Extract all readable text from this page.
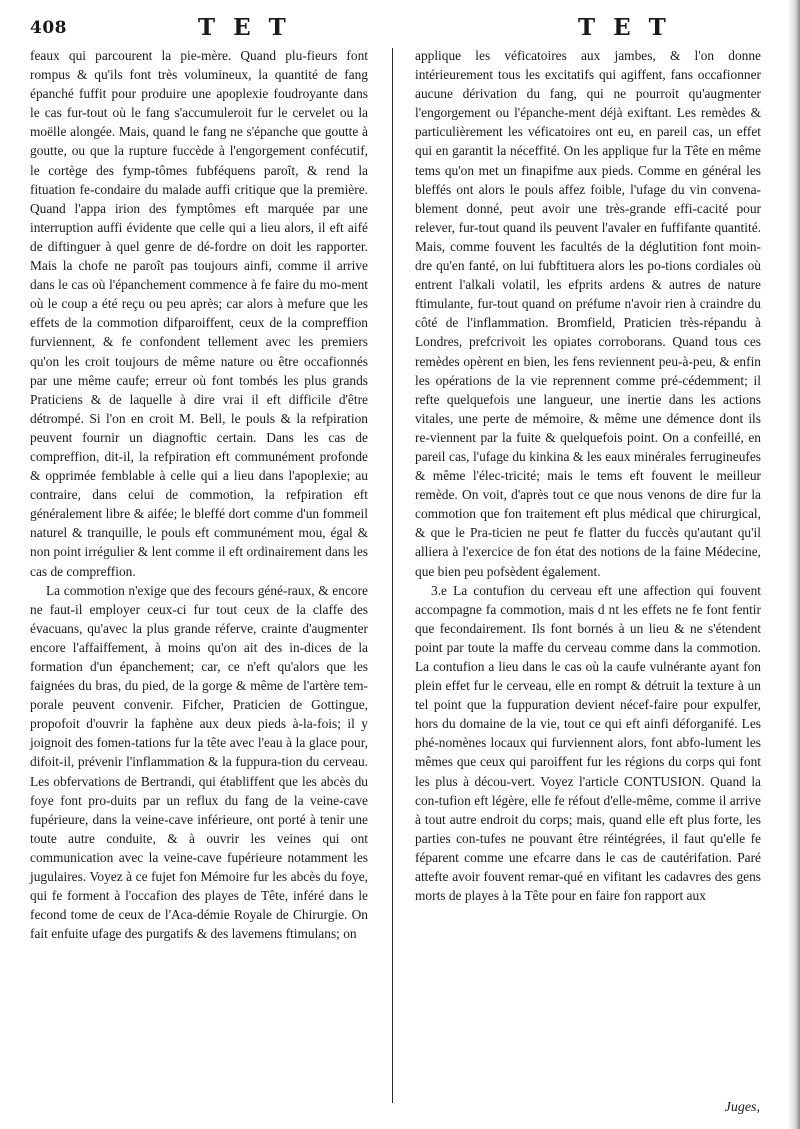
408	T E T	T E T

feaux qui parcourent la pie-mère. Quand plu-fieurs font rompus & qu'ils font très volumineux, la quantité de fang épanché fuffit pour produire une apoplexie foudroyante dans le cas fur-tout où le fang s'accumuleroit fur le cervelet ou la moëlle alongée. Mais, quand le fang ne s'épanche que goutte à goutte, ou que la rupture fuccède à l'engorgement confécutif, le cortège des fymp-tômes fubféquens paroît, & rend la fituation fe-condaire du malade auffi critique que la première. Quand l'appa irion des fymptômes eft marquée par une interruption auffi évidente que celle qui a lieu alors, il eft aifé de diftinguer à quel genre de dé-fordre on doit les rapporter. Mais la chofe ne paroît pas toujours ainfi, comme il arrive dans le cas où l'épanchement commence à fe faire du mo-ment où le coup a été reçu ou peu après; car alors à mefure que les effets de la commotion difparoiffent, ceux de la compreffion furviennent, & fe confondent tellement avec les premiers qu'on les croit toujours de même nature ou être occafionnés par une même caufe; erreur où font tombés les plus grands Praticiens & de laquelle à dire vrai il eft difficile d'être détrompé. Si l'on en croit M. Bell, le pouls & la refpiration peuvent fournir un diagnoftic certain. Dans les cas de compreffion, dit-il, la refpiration eft communément profonde & opprimée femblable à celle qui a lieu dans l'apoplexie; au contraire, dans celui de commotion, la refpiration eft généralement libre & aifée; le bleffé dort comme d'un fommeil naturel & tranquille, le pouls eft communément mou, égal & non point irrégulier & lent comme il eft ordinairement dans les cas de compreffion.

La commotion n'exige que des fecours géné-raux, & encore ne faut-il employer ceux-ci fur tout ceux de la claffe des évacuans, qu'avec la plus grande réferve, crainte d'augmenter encore l'affaiffement, à moins qu'on ait des in-dices de la formation d'un épanchement; car, ce n'eft qu'alors que les faignées du bras, du pied, de la gorge & même de l'artère tem-porale peuvent convenir. Fifcher, Praticien de Gottingue, propofoit d'ouvrir la faphène aux deux pieds à-la-fois; il y joignoit des fomen-tations fur la tête avec l'eau à la glace pour, difoit-il, prévenir l'inflammation & la fuppura-tion du cerveau. Les obfervations de Bertrandi, qui établiffent que les abcès du foye font pro-duits par un reflux du fang de la veine-cave fupérieure, dans la veine-cave inférieure, ont porté à tenir une toute autre conduite, & à ouvrir les veines qui ont communication avec la veine-cave fupérieure notamment les jugulaires. Voyez à ce fujet fon Mémoire fur les abcès du foye, qui fe forment à l'occafion des playes de Tête, inféré dans le fecond tome de ceux de l'Aca-démie Royale de Chirurgie. On fait enfuite ufage des purgatifs & des lavemens ftimulans; on

applique les véficatoires aux jambes, & l'on donne intérieurement tous les excitatifs qui agiffent, fans occafionner aucune dérivation du fang, qui ne pourroit qu'augmenter l'engorgement ou l'épanche-ment déjà exiftant. Les remèdes & particulièrement les véficatoires ont eu, en pareil cas, un effet qui en garantit la néceffité. On les applique fur la Tête en même tems qu'on met un finapifme aux pieds. Comme en général les bleffés ont alors le pouls affez foible, l'ufage du vin convena-blement donné, peut avoir une très-grande effi-cacité pour relever, fur-tout quand ils peuvent l'avaler en fuffifante quantité. Mais, comme fouvent les facultés de la déglutition font moin-dre qu'en fanté, on lui fubftituera alors les po-tions cordiales où entrent l'alkali volatil, les efprits ardens & autres de nature ftimulante, fur-tout quand on préfume n'avoir rien à craindre du côté de l'inflammation. Bromfield, Praticien très-répandu à Londres, prefcrivoit les opiates corroborans. Quand tous ces remèdes opèrent en bien, les fens reviennent peu-à-peu, & enfin les opérations de la vie reprennent comme pré-cédemment; il refte quelquefois une langueur, une inertie dans les actions vitales, une perte de mémoire, & même une démence dont ils re-viennent par la fuite & quelquefois point. On a confeillé, en pareil cas, l'ufage du kinkina & les eaux minérales ferrugineufes & même l'élec-tricité; mais le tems eft fouvent le meilleur remède. On voit, d'après tout ce que nous venons de dire fur la commotion que fon traitement eft plus médical que chirurgical, & que le Pra-ticien ne peut fe flatter du fuccès qu'autant qu'il alliera à l'exercice de fon état des notions de la faine Médecine, que bien peu pofsèdent également.

3.e La contufion du cerveau eft une affection qui fouvent accompagne fa commotion, mais d nt les effets ne fe font fentir que fecondairement. Ils font bornés à un lieu & ne s'étendent point par toute la maffe du cerveau comme dans la commotion. La contufion a lieu dans le cas où la caufe vulnérante ayant fon plein effet fur le cerveau, elle en rompt & détruit la texture à un tel point que la fuppuration devient nécef-faire pour expulfer, hors du domaine de la vie, tout ce qui eft ainfi déforganifé. Les phé-nomènes locaux qui furviennent alors, font abfo-lument les mêmes que ceux qui paroiffent fur les régions du corps qui font les plus à décou-vert. Voyez l'article CONTUSION. Quand la con-tufion eft légère, elle fe réfout d'elle-même, comme il arrive à tout autre endroit du corps; mais, quand elle eft plus forte, les parties con-tufes ne pouvant être réintégrées, il faut qu'elle fe féparent comme une efcarre dans le cas de cautérifation. Paré attefte avoir fouvent remar-qué en vifitant les cadavres des gens morts de playes à la Tête pour en faire fon rapport aux

Juges,
